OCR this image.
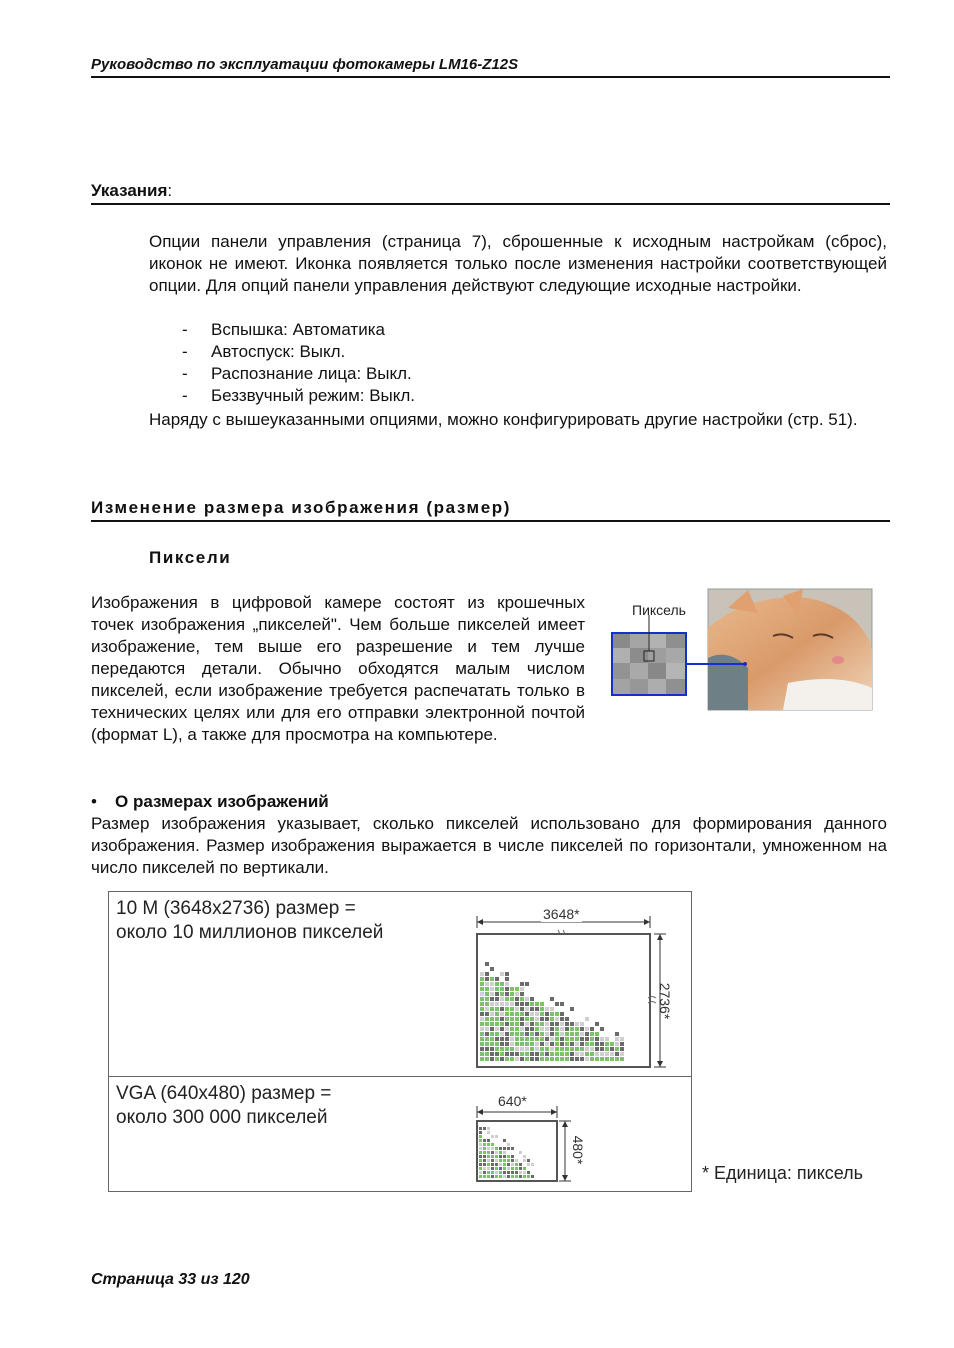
Руководство по эксплуатации фотокамеры LM16-Z12S
Указания:
Опции панели управления (страница 7), сброшенные к исходным настройкам (сброс), иконок не имеют. Иконка появляется только после изменения настройки соответствующей опции. Для опций панели управления действуют следующие исходные настройки.
- Вспышка: Автоматика
- Автоспуск: Выкл.
- Распознание лица: Выкл.
- Беззвучный режим: Выкл.
Наряду с вышеуказанными опциями, можно конфигурировать другие настройки (стр. 51).
Изменение размера изображения (размер)
Пиксели
Изображения в цифровой камере состоят из крошечных точек изображения „пикселей". Чем больше пикселей имеет изображение, тем выше его разрешение и тем лучше передаются детали. Обычно обходятся малым числом пикселей, если изображение требуется распечатать только в технических целях или для его отправки электронной почтой (формат L), а также для просмотра на компьютере.
Пиксель
• О размерах изображений
Размер изображения указывает, сколько пикселей использовано для формирования данного изображения. Размер изображения выражается в числе пикселей по горизонтали, умноженном на число пикселей по вертикали.
10 M (3648x2736) размер =
около 10 миллионов пикселей
VGA (640x480) размер =
около 300 000 пикселей
3648*
2736*
640*
480*
* Единица: пиксель
Страница 33 из 120
